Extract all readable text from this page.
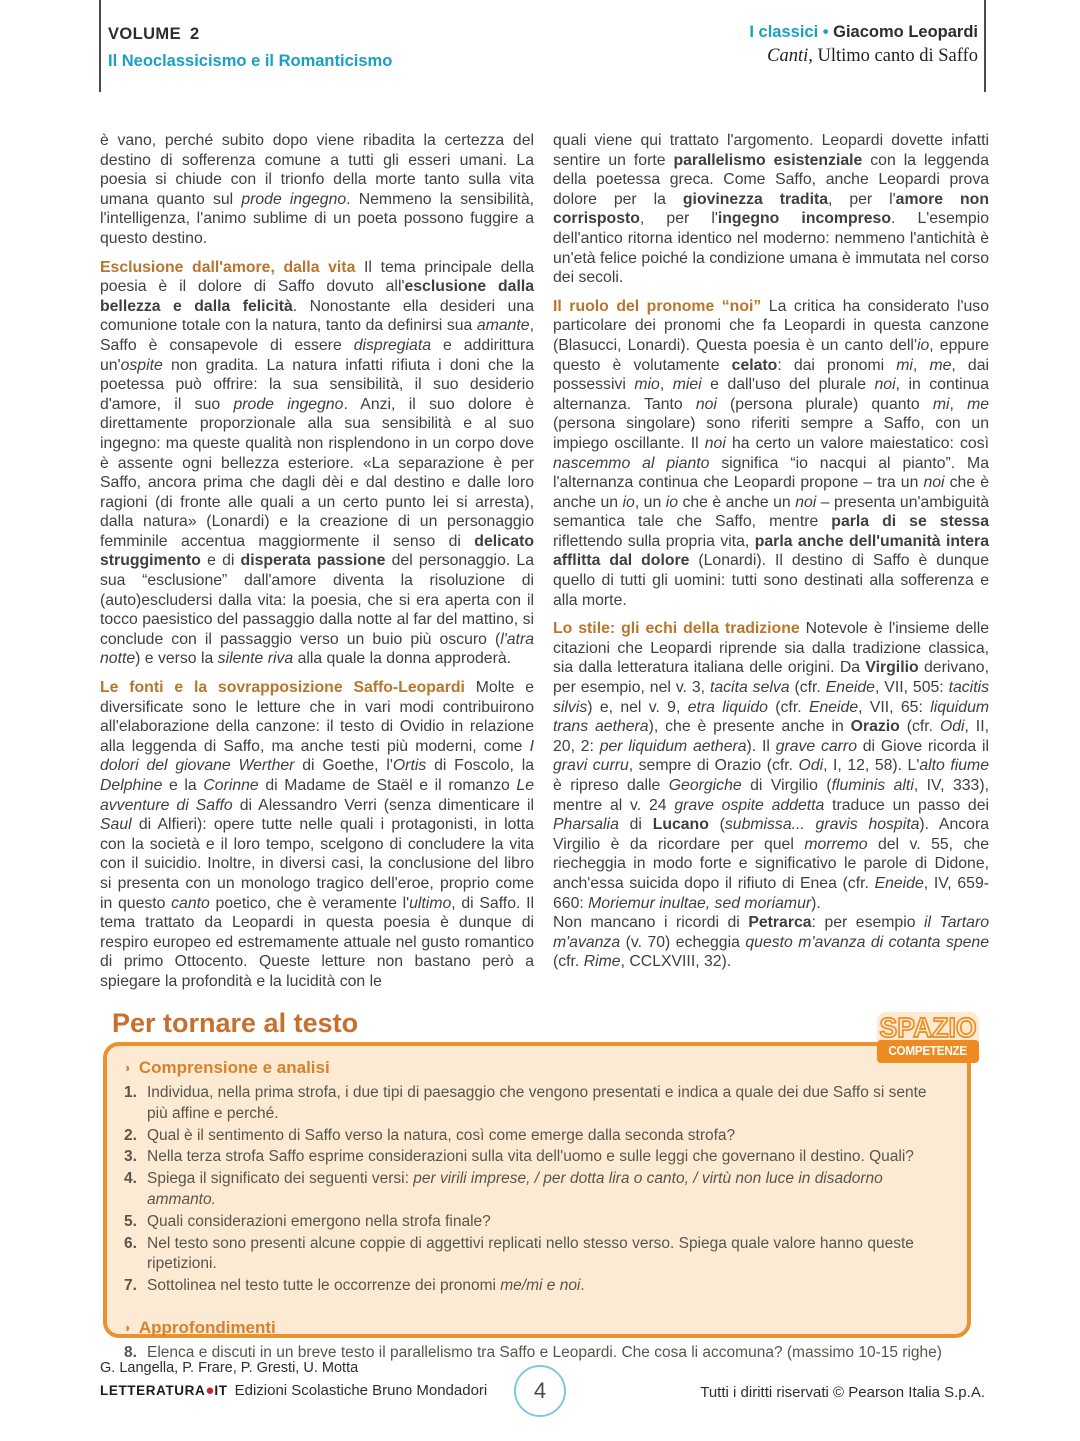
VOLUME 2
Il Neoclassicismo e il Romanticismo
I classici • Giacomo Leopardi
Canti, Ultimo canto di Saffo

è vano, perché subito dopo viene ribadita la certezza del destino di sofferenza comune a tutti gli esseri umani. La poesia si chiude con il trionfo della morte tanto sulla vita umana quanto sul prode ingegno. Nemmeno la sensibilità, l'intelligenza, l'animo sublime di un poeta possono fuggire a questo destino.

Esclusione dall'amore, dalla vita Il tema principale della poesia è il dolore di Saffo dovuto all'esclusione dalla bellezza e dalla felicità. Nonostante ella desideri una comunione totale con la natura, tanto da definirsi sua amante, Saffo è consapevole di essere dispregiata e addirittura un'ospite non gradita. La natura infatti rifiuta i doni che la poetessa può offrire: la sua sensibilità, il suo desiderio d'amore, il suo prode ingegno. Anzi, il suo dolore è direttamente proporzionale alla sua sensibilità e al suo ingegno: ma queste qualità non risplendono in un corpo dove è assente ogni bellezza esteriore. «La separazione è per Saffo, ancora prima che dagli dèi e dal destino e dalle loro ragioni (di fronte alle quali a un certo punto lei si arresta), dalla natura» (Lonardi) e la creazione di un personaggio femminile accentua maggiormente il senso di delicato struggimento e di disperata passione del personaggio. La sua “esclusione” dall'amore diventa la risoluzione di (auto)escludersi dalla vita: la poesia, che si era aperta con il tocco paesistico del passaggio dalla notte al far del mattino, si conclude con il passaggio verso un buio più oscuro (l'atra notte) e verso la silente riva alla quale la donna approderà.

Le fonti e la sovrapposizione Saffo-Leopardi Molte e diversificate sono le letture che in vari modi contribuirono all'elaborazione della canzone: il testo di Ovidio in relazione alla leggenda di Saffo, ma anche testi più moderni, come I dolori del giovane Werther di Goethe, l'Ortis di Foscolo, la Delphine e la Corinne di Madame de Staël e il romanzo Le avventure di Saffo di Alessandro Verri (senza dimenticare il Saul di Alfieri): opere tutte nelle quali i protagonisti, in lotta con la società e il loro tempo, scelgono di concludere la vita con il suicidio. Inoltre, in diversi casi, la conclusione del libro si presenta con un monologo tragico dell'eroe, proprio come in questo canto poetico, che è veramente l'ultimo, di Saffo. Il tema trattato da Leopardi in questa poesia è dunque di respiro europeo ed estremamente attuale nel gusto romantico di primo Ottocento. Queste letture non bastano però a spiegare la profondità e la lucidità con le

quali viene qui trattato l'argomento. Leopardi dovette infatti sentire un forte parallelismo esistenziale con la leggenda della poetessa greca. Come Saffo, anche Leopardi prova dolore per la giovinezza tradita, per l'amore non corrisposto, per l'ingegno incompreso. L'esempio dell'antico ritorna identico nel moderno: nemmeno l'antichità è un'età felice poiché la condizione umana è immutata nel corso dei secoli.

Il ruolo del pronome “noi” La critica ha considerato l'uso particolare dei pronomi che fa Leopardi in questa canzone (Blasucci, Lonardi). Questa poesia è un canto dell'io, eppure questo è volutamente celato: dai pronomi mi, me, dai possessivi mio, miei e dall'uso del plurale noi, in continua alternanza. Tanto noi (persona plurale) quanto mi, me (persona singolare) sono riferiti sempre a Saffo, con un impiego oscillante. Il noi ha certo un valore maiestatico: così nascemmo al pianto significa “io nacqui al pianto”. Ma l'alternanza continua che Leopardi propone – tra un noi che è anche un io, un io che è anche un noi – presenta un'ambiguità semantica tale che Saffo, mentre parla di se stessa riflettendo sulla propria vita, parla anche dell'umanità intera afflitta dal dolore (Lonardi). Il destino di Saffo è dunque quello di tutti gli uomini: tutti sono destinati alla sofferenza e alla morte.

Lo stile: gli echi della tradizione Notevole è l'insieme delle citazioni che Leopardi riprende sia dalla tradizione classica, sia dalla letteratura italiana delle origini. Da Virgilio derivano, per esempio, nel v. 3, tacita selva (cfr. Eneide, VII, 505: tacitis silvis) e, nel v. 9, etra liquido (cfr. Eneide, VII, 65: liquidum trans aethera), che è presente anche in Orazio (cfr. Odi, II, 20, 2: per liquidum aethera). Il grave carro di Giove ricorda il gravi curru, sempre di Orazio (cfr. Odi, I, 12, 58). L'alto fiume è ripreso dalle Georgiche di Virgilio (fluminis alti, IV, 333), mentre al v. 24 grave ospite addetta traduce un passo dei Pharsalia di Lucano (submissa... gravis hospita). Ancora Virgilio è da ricordare per quel morremo del v. 55, che riecheggia in modo forte e significativo le parole di Didone, anch'essa suicida dopo il rifiuto di Enea (cfr. Eneide, IV, 659-660: Moriemur inultae, sed moriamur).

Non mancano i ricordi di Petrarca: per esempio il Tartaro m'avanza (v. 70) echeggia questo m'avanza di cotanta spene (cfr. Rime, CCLXVIII, 32).

Per tornare al testo
◗ Comprensione e analisi
1. Individua, nella prima strofa, i due tipi di paesaggio che vengono presentati e indica a quale dei due Saffo si sente più affine e perché.
2. Qual è il sentimento di Saffo verso la natura, così come emerge dalla seconda strofa?
3. Nella terza strofa Saffo esprime considerazioni sulla vita dell'uomo e sulle leggi che governano il destino. Quali?
4. Spiega il significato dei seguenti versi: per virili imprese, / per dotta lira o canto, / virtù non luce in disadorno ammanto.
5. Quali considerazioni emergono nella strofa finale?
6. Nel testo sono presenti alcune coppie di aggettivi replicati nello stesso verso. Spiega quale valore hanno queste ripetizioni.
7. Sottolinea nel testo tutte le occorrenze dei pronomi me/mi e noi.
◗ Approfondimenti
8. Elenca e discuti in un breve testo il parallelismo tra Saffo e Leopardi. Che cosa li accomuna? (massimo 10-15 righe)
SPAZIO
COMPETENZE
G. Langella, P. Frare, P. Gresti, U. Motta
LETTERATURA●IT Edizioni Scolastiche Bruno Mondadori 4	Tutti i diritti riservati © Pearson Italia S.p.A.
